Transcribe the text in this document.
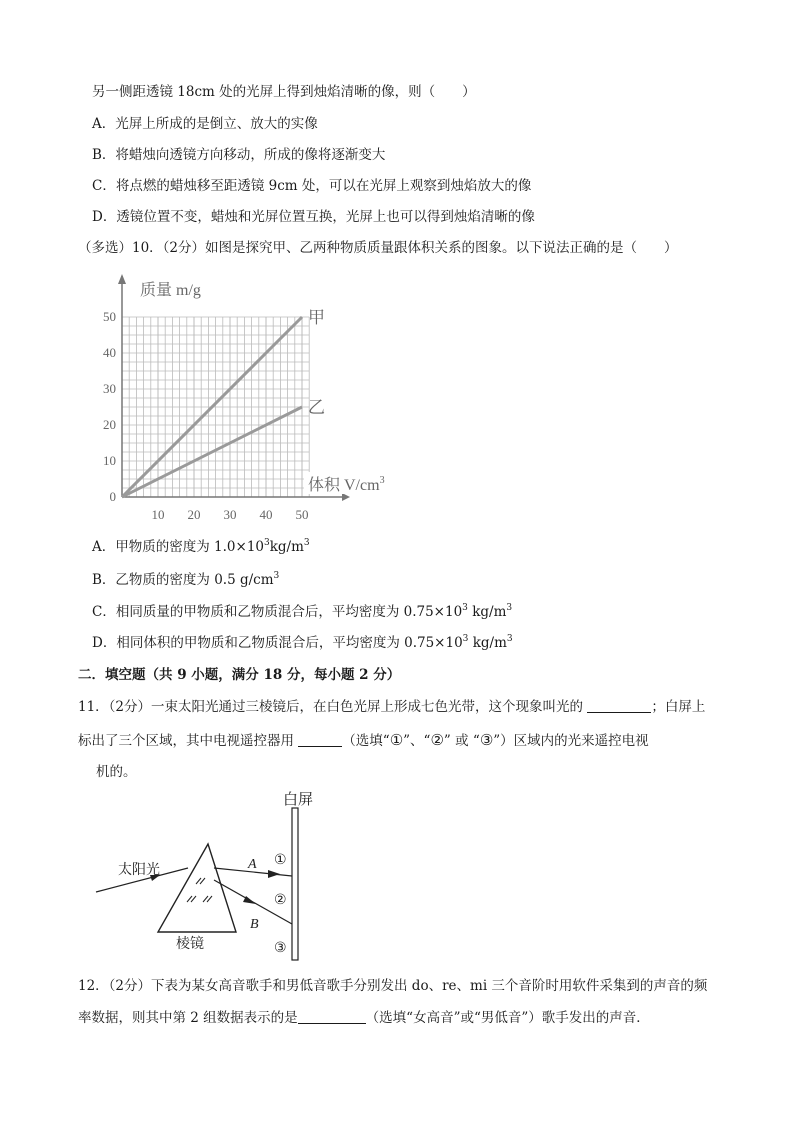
另一侧距透镜 18cm 处的光屏上得到烛焰清晰的像，则（　　）
A．光屏上所成的是倒立、放大的实像
B．将蜡烛向透镜方向移动，所成的像将逐渐变大
C．将点燃的蜡烛移至距透镜 9cm 处，可以在光屏上观察到烛焰放大的像
D．透镜位置不变，蜡烛和光屏位置互换，光屏上也可以得到烛焰清晰的像
（多选）10．（2分）如图是探究甲、乙两种物质质量跟体积关系的图象。以下说法正确的是（　　）
甲
乙
10 20 30 40 50
0
10
20
30
40
50
质量 m/g
体积 $V/cm^3$
A．甲物质的密度为 $1.0\times 10^3kg/m^3$
B．乙物质的密度为 0.5 $g/cm^3$
C．相同质量的甲物质和乙物质混合后，平均密度为 $0.75\times 10^3$ $kg/m^3$
D．相同体积的甲物质和乙物质混合后，平均密度为 $0.75\times 10^3$ $kg/m^3$
二．填空题（共 9 小题，满分 18 分，每小题 2 分）
11．（2分）一束太阳光通过三棱镜后，在白色光屏上形成七色光带，这个现象叫光的	；白屏上
标出了三个区域，其中电视遥控器用	（选填“①”、“②” 或 “③”）区域内的光来遥控电视
机的。
白屏
太阳光	A
B
棱镜
①
②
③
12．（2分）下表为某女高音歌手和男低音歌手分别发出 do、re、mi 三个音阶时用软件采集到的声音的频
率数据，则其中第 2 组数据表示的是	（选填“女高音”或“男低音”）歌手发出的声音．
